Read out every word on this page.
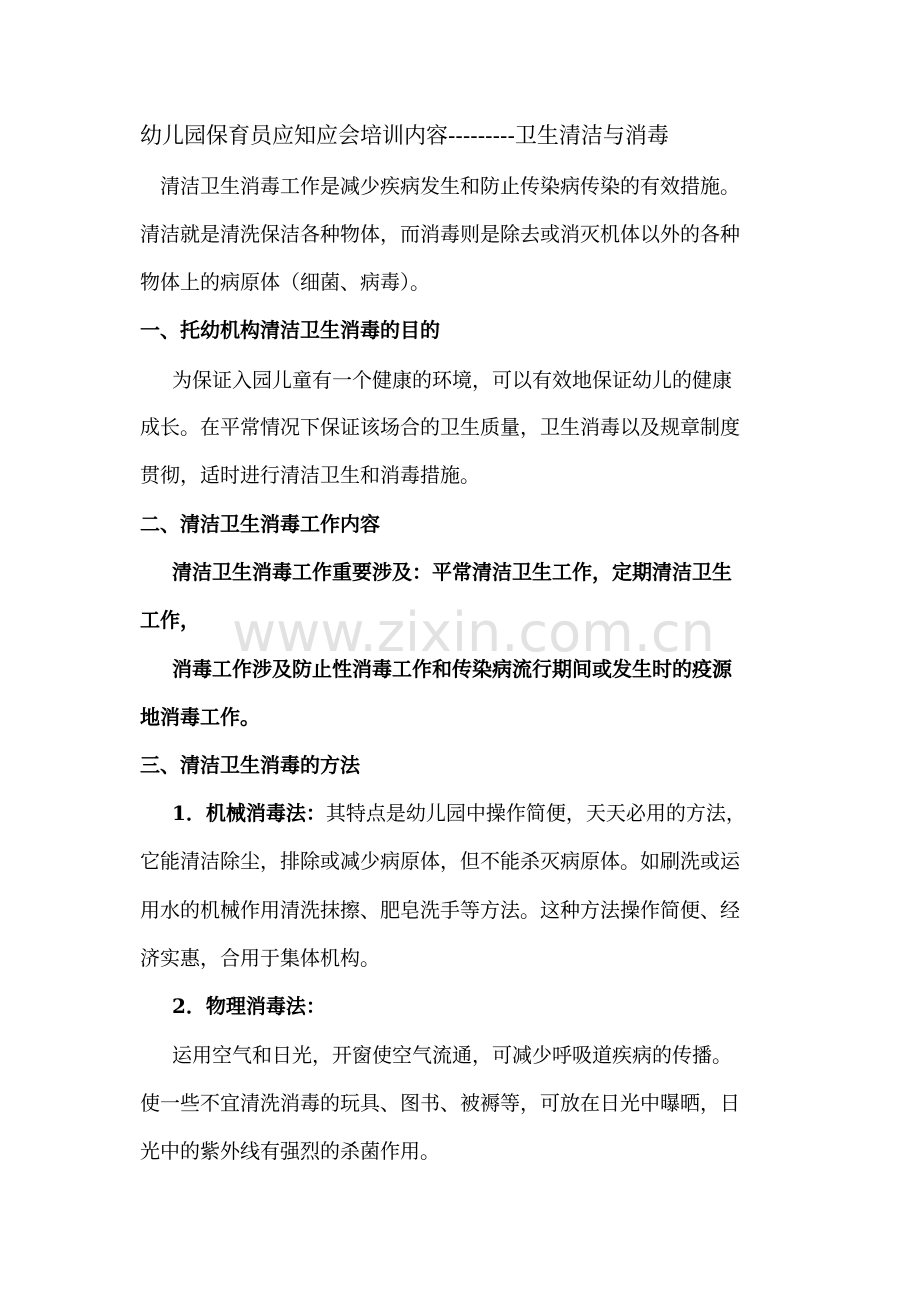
www.zixin.com.cn
幼儿园保育员应知应会培训内容---------卫生清洁与消毒
清洁卫生消毒工作是减少疾病发生和防止传染病传染的有效措施。
清洁就是清洗保洁各种物体，而消毒则是除去或消灭机体以外的各种
物体上的病原体（细菌、病毒）。
一、托幼机构清洁卫生消毒的目的
为保证入园儿童有一个健康的环境，可以有效地保证幼儿的健康
成长。在平常情况下保证该场合的卫生质量，卫生消毒以及规章制度
贯彻，适时进行清洁卫生和消毒措施。
二、清洁卫生消毒工作内容
清洁卫生消毒工作重要涉及：平常清洁卫生工作，定期清洁卫生
工作，
消毒工作涉及防止性消毒工作和传染病流行期间或发生时的疫源
地消毒工作。
三、清洁卫生消毒的方法
1．机械消毒法：其特点是幼儿园中操作简便，天天必用的方法，
它能清洁除尘，排除或减少病原体，但不能杀灭病原体。如刷洗或运
用水的机械作用清洗抹擦、肥皂洗手等方法。这种方法操作简便、经
济实惠，合用于集体机构。
2．物理消毒法：
运用空气和日光，开窗使空气流通，可减少呼吸道疾病的传播。
使一些不宜清洗消毒的玩具、图书、被褥等，可放在日光中曝晒，日
光中的紫外线有强烈的杀菌作用。
